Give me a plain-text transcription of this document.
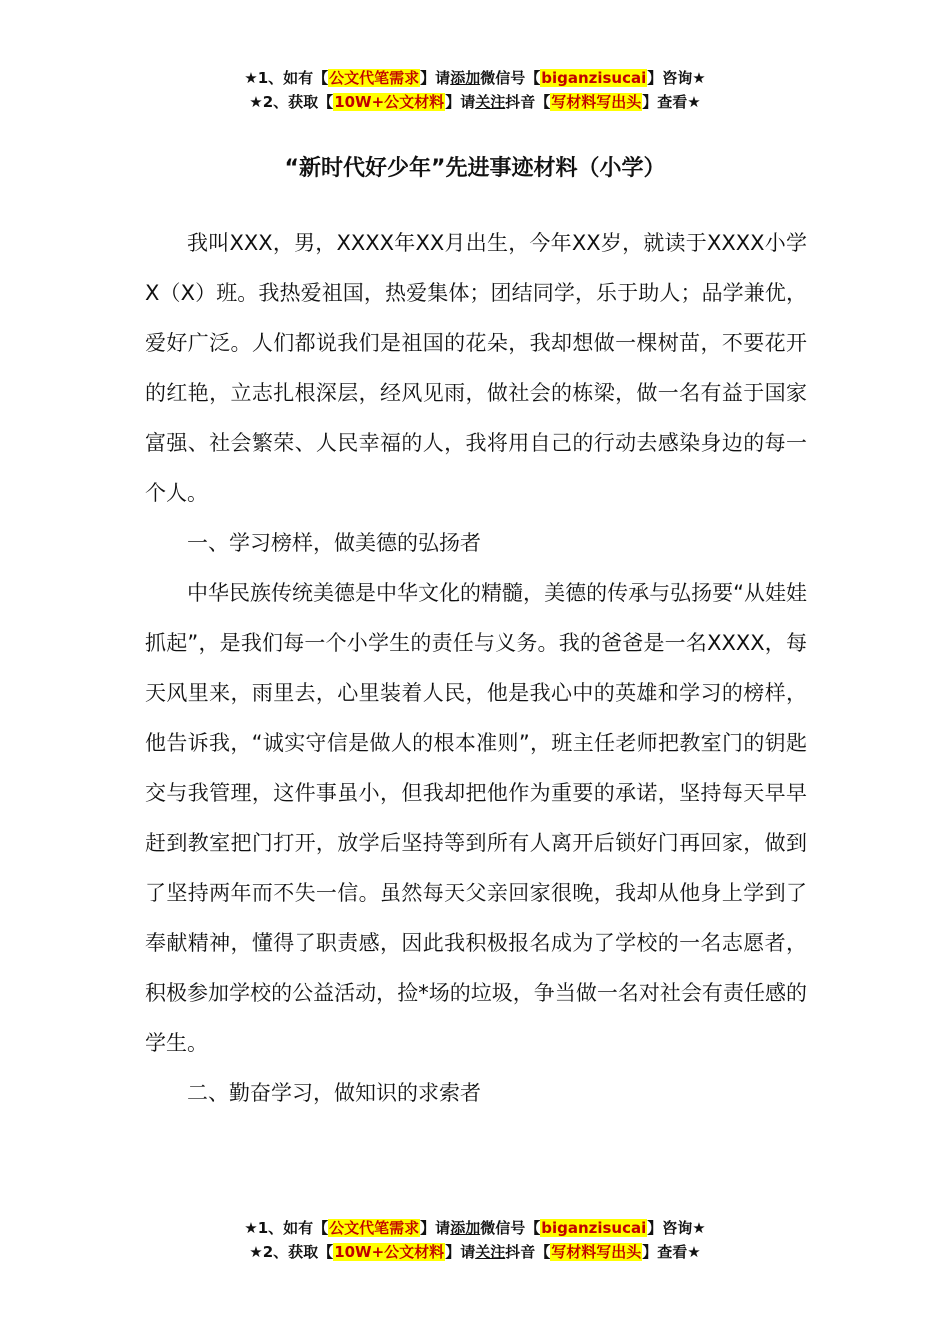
★1、如有【公文代笔需求】请添加微信号【biganzisucai】咨询★
★2、获取【10W+公文材料】请关注抖音【写材料写出头】查看★
“新时代好少年”先进事迹材料（小学）

我叫XXX，男，XXXX年XX月出生，今年XX岁，就读于XXXX小学X（X）班。我热爱祖国，热爱集体；团结同学，乐于助人；品学兼优，爱好广泛。人们都说我们是祖国的花朵，我却想做一棵树苗，不要花开的红艳，立志扎根深层，经风见雨，做社会的栋梁，做一名有益于国家富强、社会繁荣、人民幸福的人，我将用自己的行动去感染身边的每一个人。

一、学习榜样，做美德的弘扬者

中华民族传统美德是中华文化的精髓，美德的传承与弘扬要“从娃娃抓起”，是我们每一个小学生的责任与义务。我的爸爸是一名XXXX，每天风里来，雨里去，心里装着人民，他是我心中的英雄和学习的榜样，他告诉我，“诚实守信是做人的根本准则”，班主任老师把教室门的钥匙交与我管理，这件事虽小，但我却把他作为重要的承诺，坚持每天早早赶到教室把门打开，放学后坚持等到所有人离开后锁好门再回家，做到了坚持两年而不失一信。虽然每天父亲回家很晚，我却从他身上学到了奉献精神，懂得了职责感，因此我积极报名成为了学校的一名志愿者，积极参加学校的公益活动，捡*场的垃圾，争当做一名对社会有责任感的学生。

二、勤奋学习，做知识的求索者

★1、如有【公文代笔需求】请添加微信号【biganzisucai】咨询★
★2、获取【10W+公文材料】请关注抖音【写材料写出头】查看★
